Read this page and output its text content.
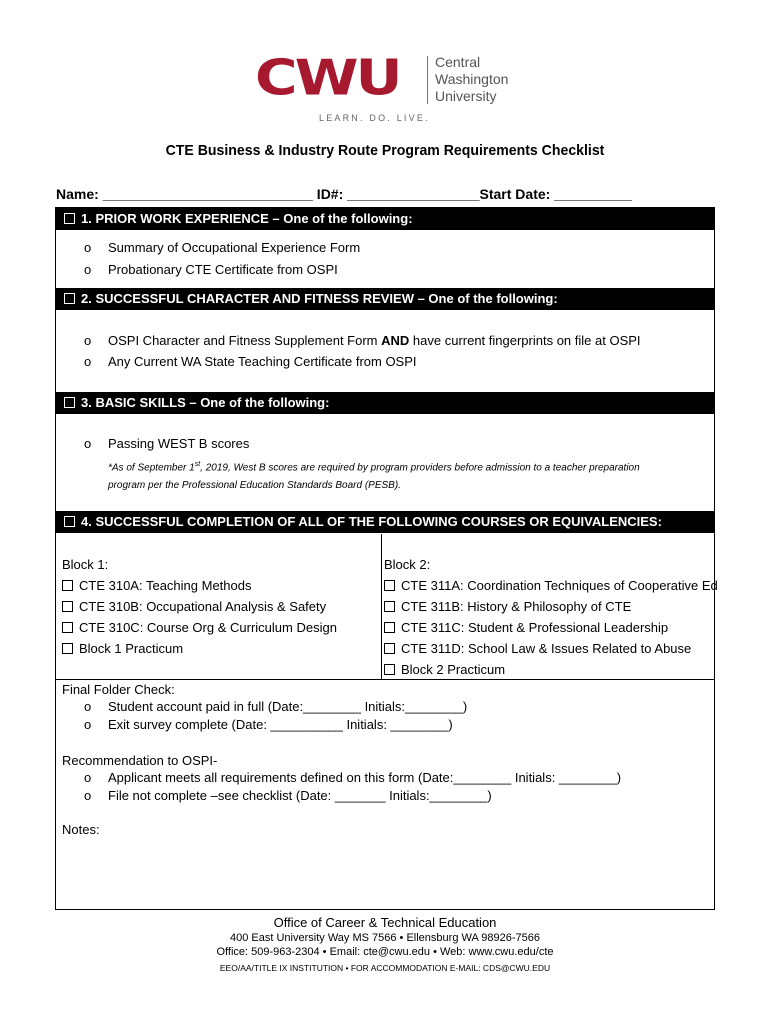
CWU	Central
Washington
University
LEARN. DO. LIVE.
CTE Business & Industry Route Program Requirements Checklist
Name: ___________________________ ID#: _________________Start Date: __________
1. PRIOR WORK EXPERIENCE – One of the following:
o Summary of Occupational Experience Form
o Probationary CTE Certificate from OSPI
2. SUCCESSFUL CHARACTER AND FITNESS REVIEW – One of the following:
o OSPI Character and Fitness Supplement Form AND have current fingerprints on file at OSPI
o Any Current WA State Teaching Certificate from OSPI
3. BASIC SKILLS – One of the following:
o Passing WEST B scores
*As of September 1st, 2019, West B scores are required by program providers before admission to a teacher preparation
program per the Professional Education Standards Board (PESB).
4. SUCCESSFUL COMPLETION OF ALL OF THE FOLLOWING COURSES OR EQUIVALENCIES:
Block 1:
CTE 310A: Teaching Methods
CTE 310B: Occupational Analysis & Safety
CTE 310C: Course Org & Curriculum Design
Block 1 Practicum
Block 2:
CTE 311A: Coordination Techniques of Cooperative Ed
CTE 311B: History & Philosophy of CTE
CTE 311C: Student & Professional Leadership
CTE 311D: School Law & Issues Related to Abuse
Block 2 Practicum
Final Folder Check:
o Student account paid in full (Date:________ Initials:________)
o Exit survey complete (Date: __________ Initials: ________)
Recommendation to OSPI-
o Applicant meets all requirements defined on this form (Date:________ Initials: ________)
o File not complete –see checklist (Date: _______ Initials:________)
Notes:
Office of Career & Technical Education
400 East University Way MS 7566 • Ellensburg WA 98926-7566
Office: 509-963-2304 • Email: cte@cwu.edu • Web: www.cwu.edu/cte
EEO/AA/TITLE IX INSTITUTION • FOR ACCOMMODATION E-MAIL: CDS@CWU.EDU
